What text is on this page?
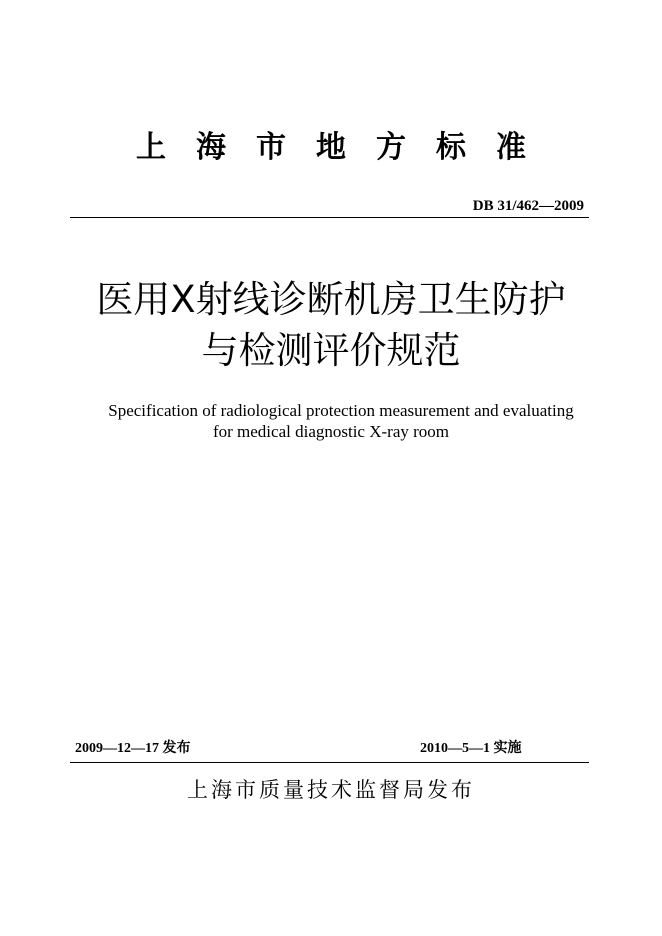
上海市地方标准
DB 31/462—2009
医用X射线诊断机房卫生防护
与检测评价规范
Specification of radiological protection measurement and evaluating
for medical diagnostic X-ray room
2009—12—17 发布	2010—5—1 实施
上海市质量技术监督局发布
